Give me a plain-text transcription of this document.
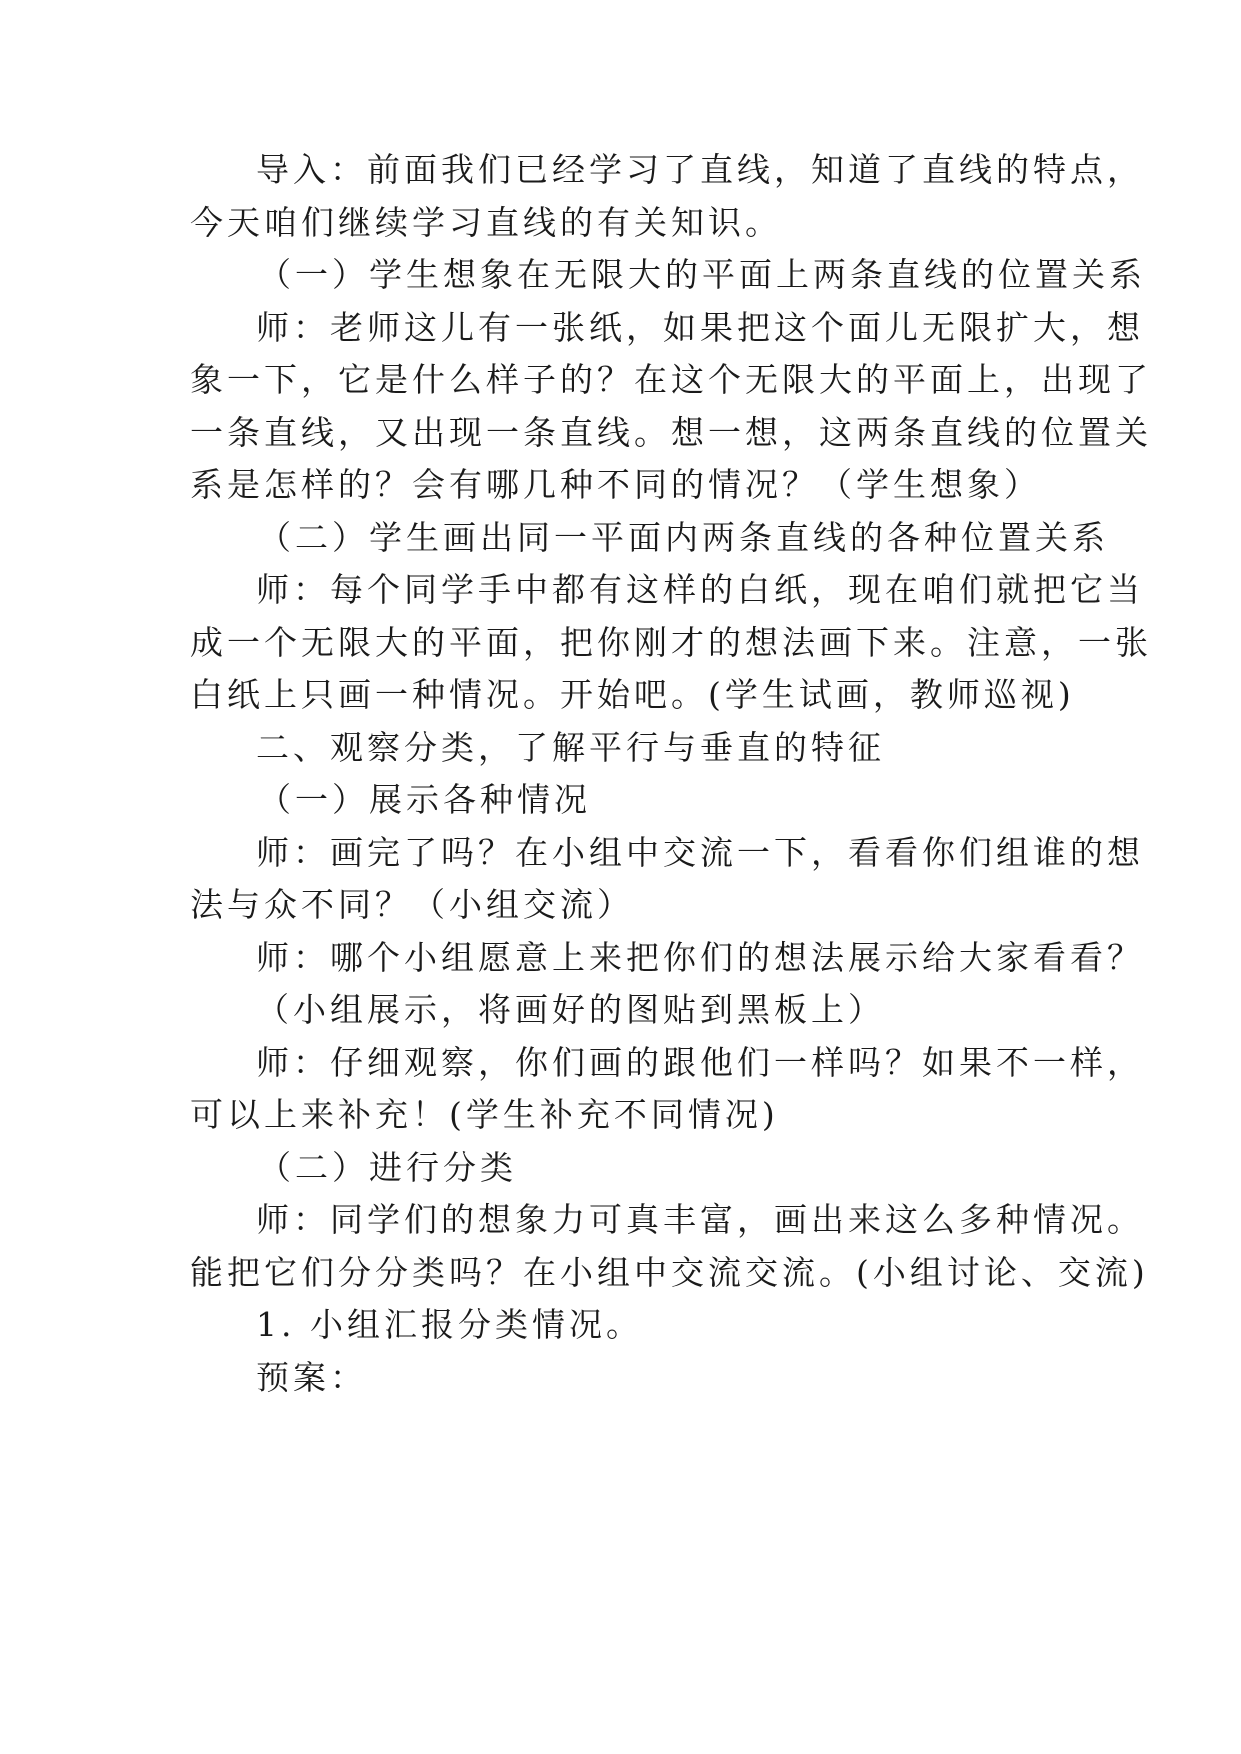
导入：前面我们已经学习了直线，知道了直线的特点，
今天咱们继续学习直线的有关知识。
（一）学生想象在无限大的平面上两条直线的位置关系
师：老师这儿有一张纸，如果把这个面儿无限扩大，想
象一下，它是什么样子的？在这个无限大的平面上，出现了
一条直线，又出现一条直线。想一想，这两条直线的位置关
系是怎样的？会有哪几种不同的情况？（学生想象）
（二）学生画出同一平面内两条直线的各种位置关系
师：每个同学手中都有这样的白纸，现在咱们就把它当
成一个无限大的平面，把你刚才的想法画下来。注意，一张
白纸上只画一种情况。开始吧。(学生试画，教师巡视)
二、观察分类，了解平行与垂直的特征
（一）展示各种情况
师：画完了吗？在小组中交流一下，看看你们组谁的想
法与众不同？（小组交流）
师：哪个小组愿意上来把你们的想法展示给大家看看？
（小组展示，将画好的图贴到黑板上）
师：仔细观察，你们画的跟他们一样吗？如果不一样，
可以上来补充！(学生补充不同情况)
（二）进行分类
师：同学们的想象力可真丰富，画出来这么多种情况。
能把它们分分类吗？在小组中交流交流。(小组讨论、交流)
1. 小组汇报分类情况。
预案：
